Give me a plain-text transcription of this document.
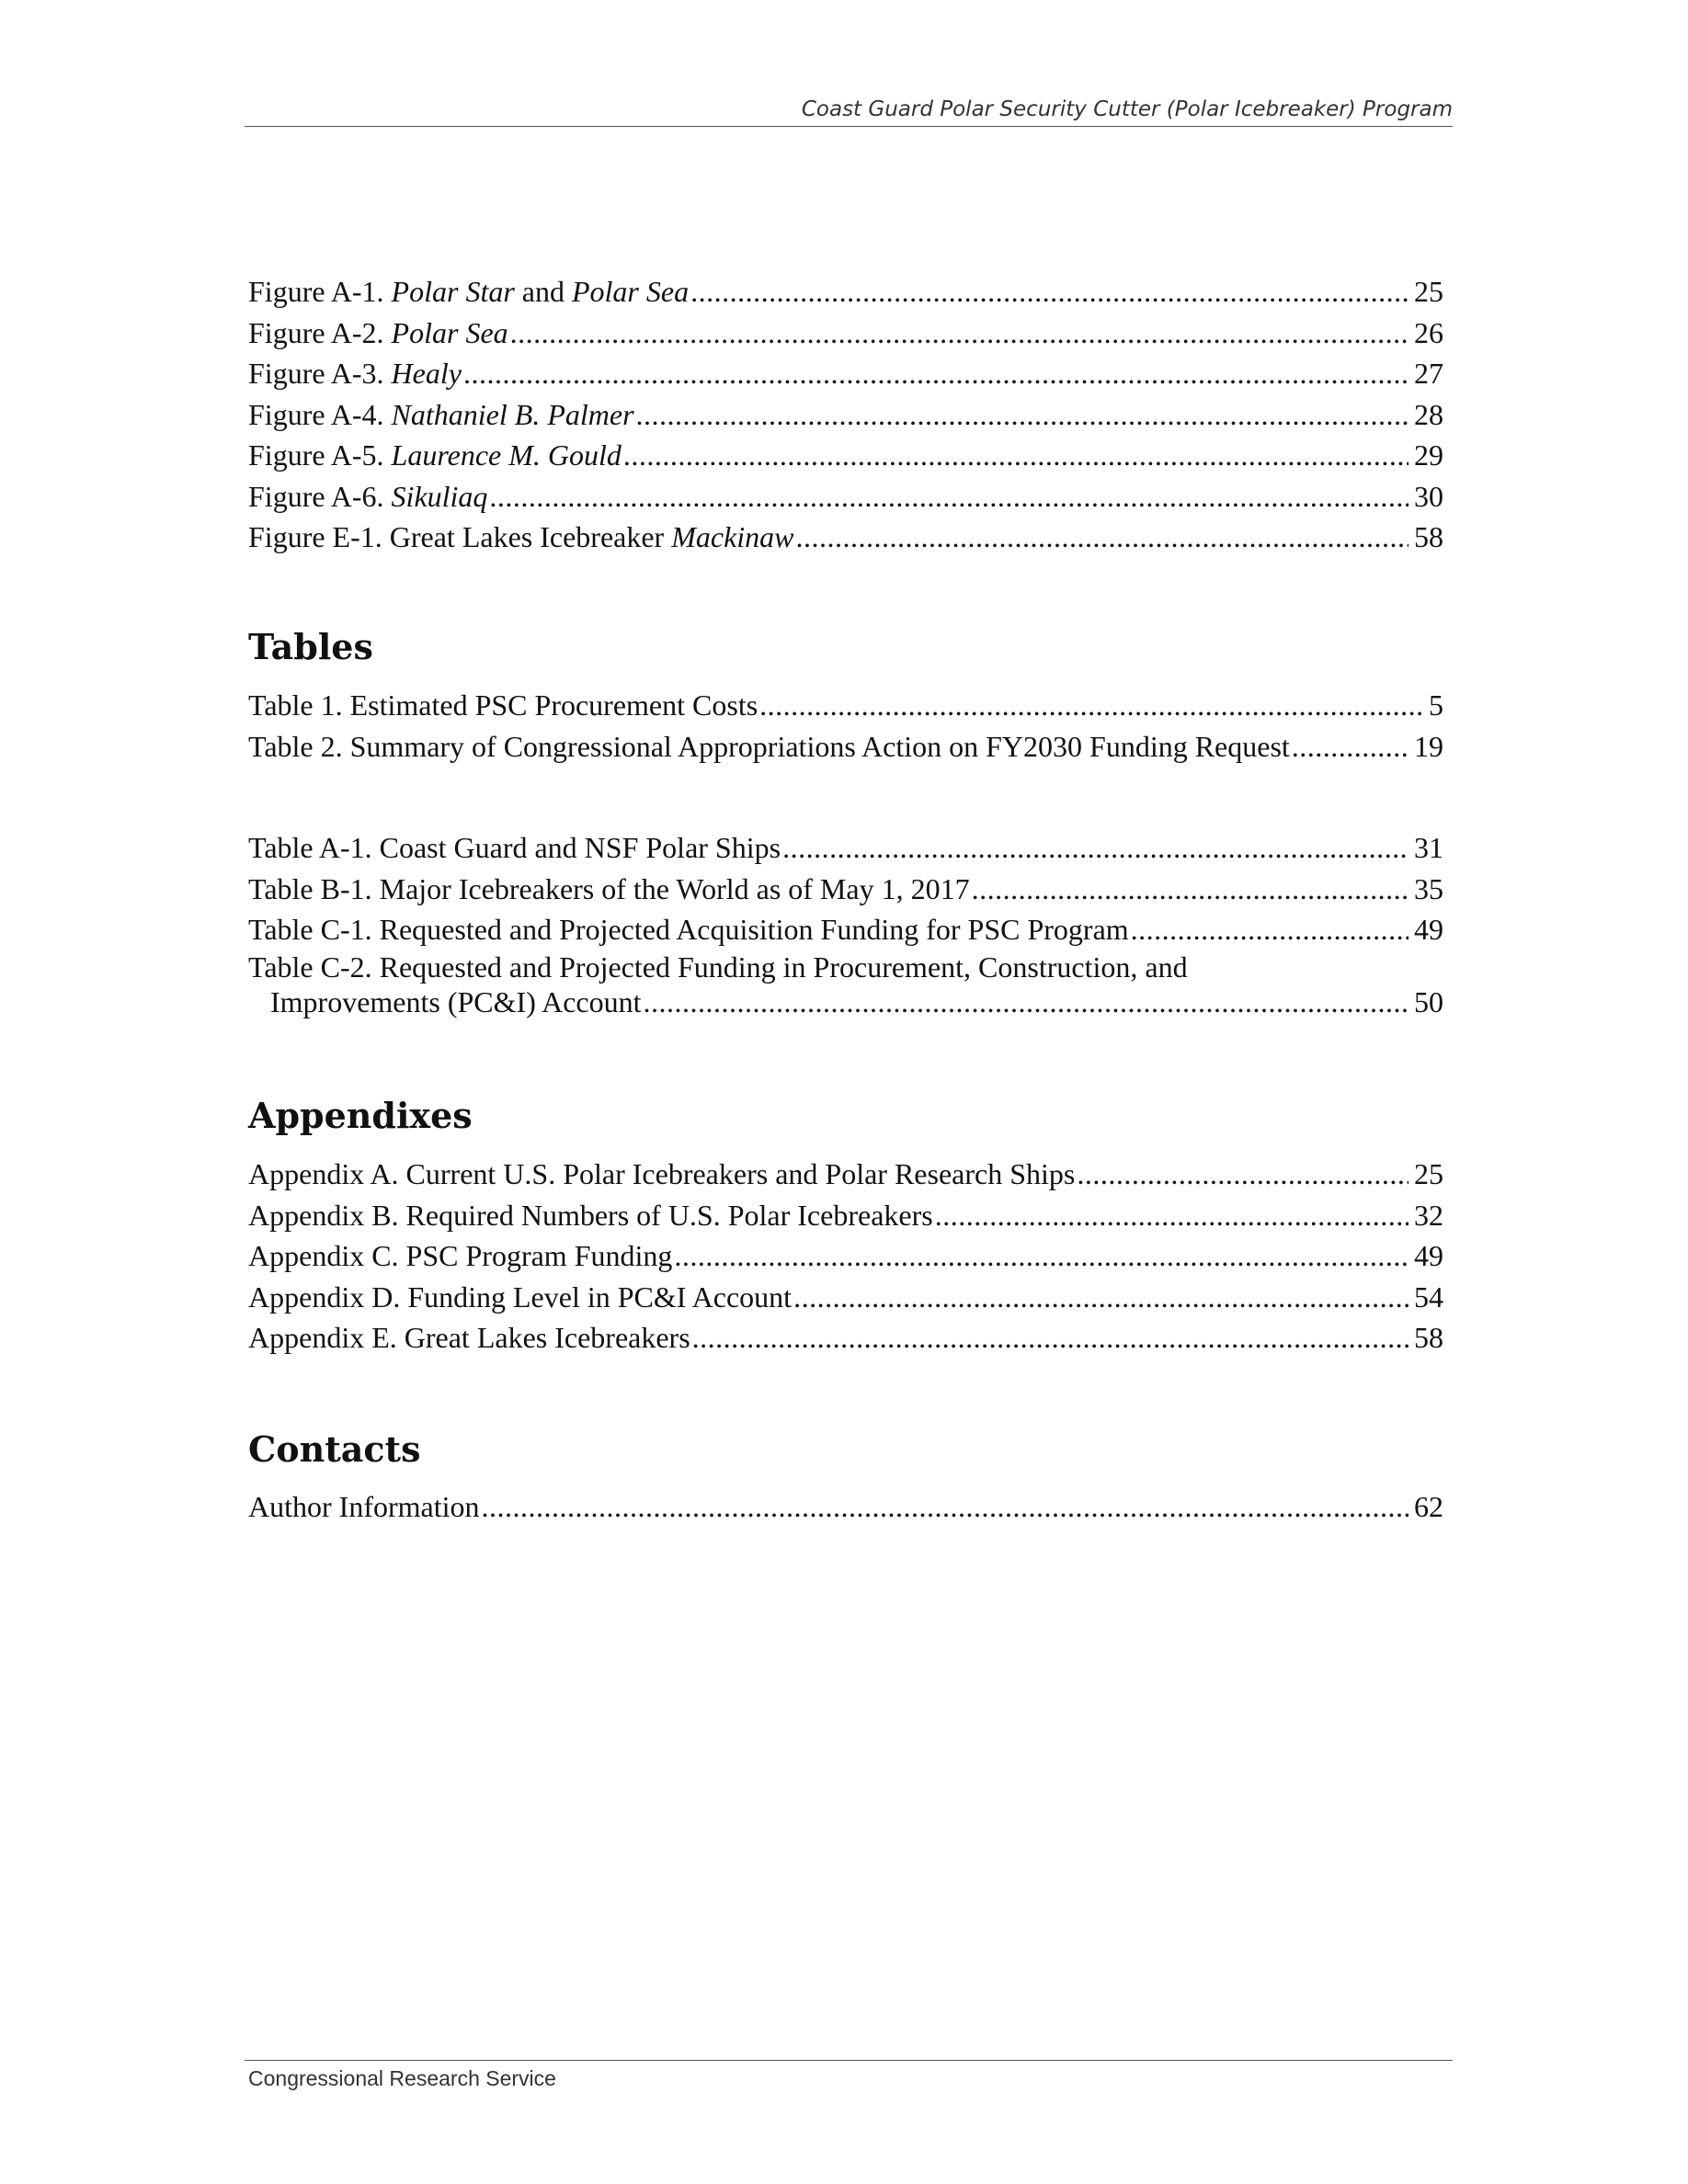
Coast Guard Polar Security Cutter (Polar Icebreaker) Program
Figure A-1. Polar Star and Polar Sea .....	25
Figure A-2. Polar Sea .....	26
Figure A-3. Healy .....	27
Figure A-4. Nathaniel B. Palmer .....	28
Figure A-5. Laurence M. Gould .....	29
Figure A-6. Sikuliaq .....	30
Figure E-1. Great Lakes Icebreaker Mackinaw .....	58
Tables
Table 1. Estimated PSC Procurement Costs .....	5
Table 2. Summary of Congressional Appropriations Action on FY2030 Funding Request .....	19
Table A-1. Coast Guard and NSF Polar Ships .....	31
Table B-1. Major Icebreakers of the World as of May 1, 2017 .....	35
Table C-1. Requested and Projected Acquisition Funding for PSC Program .....	49
Table C-2. Requested and Projected Funding in Procurement, Construction, and
Improvements (PC&I) Account .....	50
Appendixes
Appendix A. Current U.S. Polar Icebreakers and Polar Research Ships .....	25
Appendix B. Required Numbers of U.S. Polar Icebreakers .....	32
Appendix C. PSC Program Funding .....	49
Appendix D. Funding Level in PC&I Account .....	54
Appendix E. Great Lakes Icebreakers .....	58
Contacts
Author Information .....	62
Congressional Research Service
